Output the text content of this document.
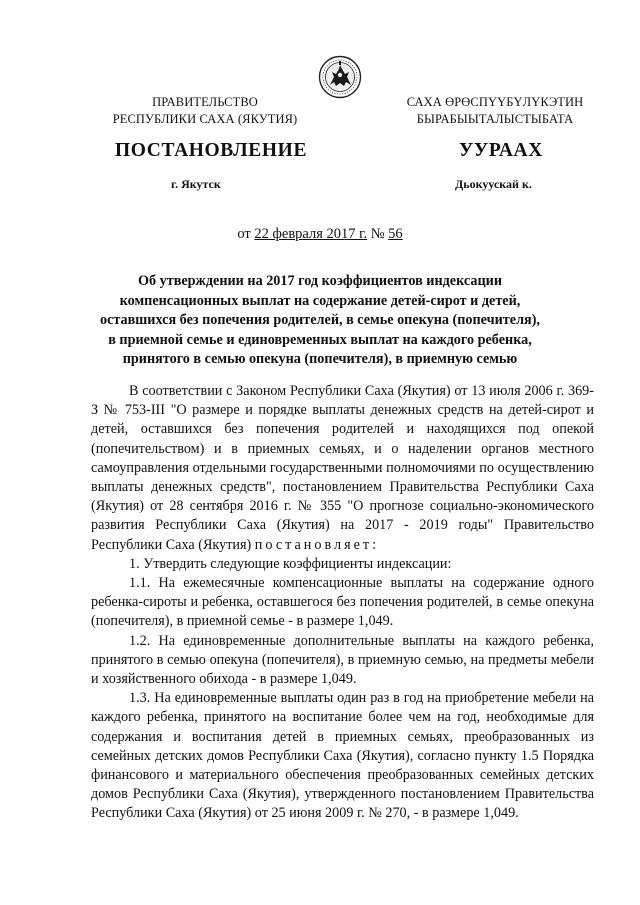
ПРАВИТЕЛЬСТВО
РЕСПУБЛИКИ САХА (ЯКУТИЯ)
САХА ӨРӨСПҮҮБҮЛҮКЭТИН
БЫРАБЫЫТАЛЫСТЫБАТА
ПОСТАНОВЛЕНИЕ	УУРААХ
г. Якутск	Дьокуускай к.
от 22 февраля 2017 г. № 56
Об утверждении на 2017 год коэффициентов индексации
компенсационных выплат на содержание детей-сирот и детей,
оставшихся без попечения родителей, в семье опекуна (попечителя),
в приемной семье и единовременных выплат на каждого ребенка,
принятого в семью опекуна (попечителя), в приемную семью

В соответствии с Законом Республики Саха (Якутия) от 13 июля 2006 г. 369-З № 753-III "О размере и порядке выплаты денежных средств на детей-сирот и детей, оставшихся без попечения родителей и находящихся под опекой (попечительством) и в приемных семьях, и о наделении органов местного самоуправления отдельными государственными полномочиями по осуществлению выплаты денежных средств", постановлением Правительства Республики Саха (Якутия) от 28 сентября 2016 г. № 355 "О прогнозе социально-экономического развития Республики Саха (Якутия) на 2017 - 2019 годы" Правительство Республики Саха (Якутия) постановляет:

1. Утвердить следующие коэффициенты индексации:

1.1. На ежемесячные компенсационные выплаты на содержание одного ребенка-сироты и ребенка, оставшегося без попечения родителей, в семье опекуна (попечителя), в приемной семье - в размере 1,049.

1.2. На единовременные дополнительные выплаты на каждого ребенка, принятого в семью опекуна (попечителя), в приемную семью, на предметы мебели и хозяйственного обихода - в размере 1,049.

1.3. На единовременные выплаты один раз в год на приобретение мебели на каждого ребенка, принятого на воспитание более чем на год, необходимые для содержания и воспитания детей в приемных семьях, преобразованных из семейных детских домов Республики Саха (Якутия), согласно пункту 1.5 Порядка финансового и материального обеспечения преобразованных семейных детских домов Республики Саха (Якутия), утвержденного постановлением Правительства Республики Саха (Якутия) от 25 июня 2009 г. № 270, - в размере 1,049.
